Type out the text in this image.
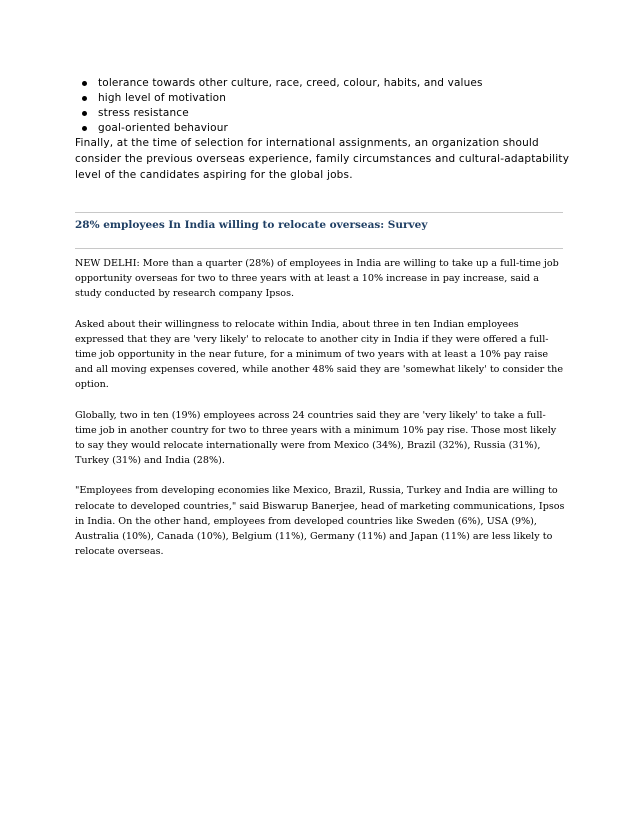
tolerance towards other culture, race, creed, colour, habits, and values
high level of motivation
stress resistance
goal-oriented behaviour

Finally, at the time of selection for international assignments, an organization should consider the previous overseas experience, family circumstances and cultural-adaptability level of the candidates aspiring for the global jobs.

28% employees In India willing to relocate overseas: Survey

NEW DELHI: More than a quarter (28%) of employees in India are willing to take up a full-time job opportunity overseas for two to three years with at least a 10% increase in pay increase, said a study conducted by research company Ipsos.

Asked about their willingness to relocate within India, about three in ten Indian employees expressed that they are 'very likely' to relocate to another city in India if they were offered a full-time job opportunity in the near future, for a minimum of two years with at least a 10% pay raise and all moving expenses covered, while another 48% said they are 'somewhat likely' to consider the option.

Globally, two in ten (19%) employees across 24 countries said they are 'very likely' to take a full-time job in another country for two to three years with a minimum 10% pay rise. Those most likely to say they would relocate internationally were from Mexico (34%), Brazil (32%), Russia (31%), Turkey (31%) and India (28%).

"Employees from developing economies like Mexico, Brazil, Russia, Turkey and India are willing to relocate to developed countries," said Biswarup Banerjee, head of marketing communications, Ipsos in India. On the other hand, employees from developed countries like Sweden (6%), USA (9%), Australia (10%), Canada (10%), Belgium (11%), Germany (11%) and Japan (11%) are less likely to relocate overseas.
